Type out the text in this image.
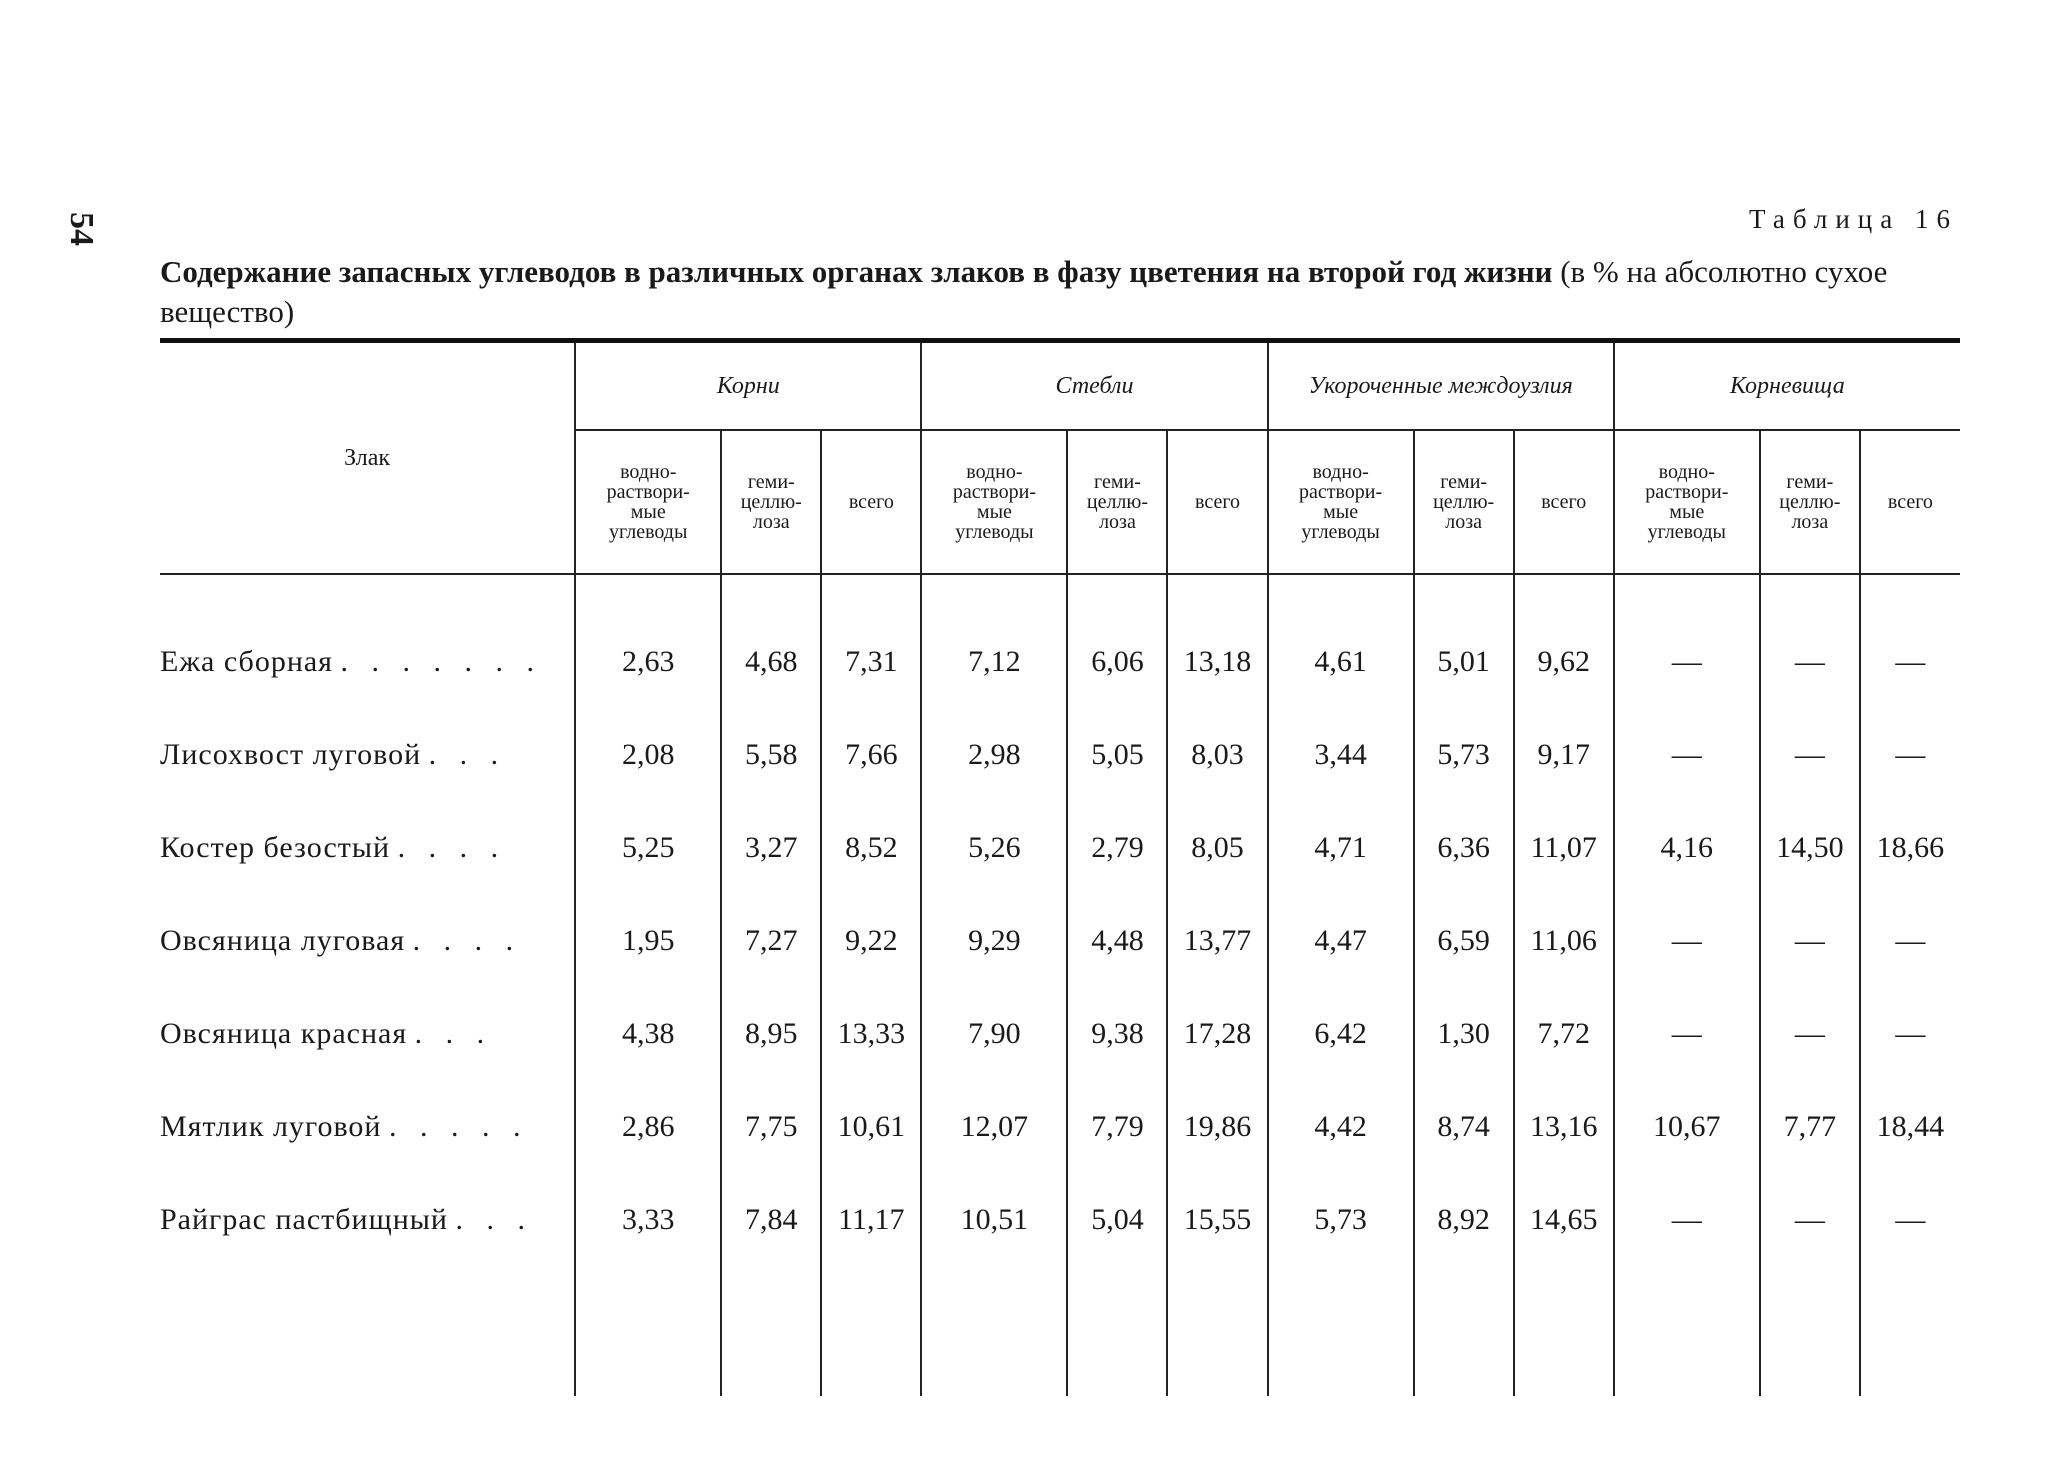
54	Таблица 16
Содержание запасных углеводов в различных органах злаков в фазу цветения на второй год жизни (в % на абсолютно сухое вещество)
Злак	Корни			Стебли			Укороченные междоузлия			Корневища		
	водно-
раствори-
мые
углеводы	геми-
целлю-
лоза	всего	водно-
раствори-
мые
углеводы	геми-
целлю-
лоза	всего	водно-
раствори-
мые
углеводы	геми-
целлю-
лоза	всего	водно-
раствори-
мые
углеводы	геми-
целлю-
лоза	всего
Ежа сборная . . . . . . .	2,63	4,68	7,31	7,12	6,06	13,18	4,61	5,01	9,62	—	—	—
Лисохвост луговой . . .	2,08	5,58	7,66	2,98	5,05	8,03	3,44	5,73	9,17	—	—	—
Костер безостый . . . .	5,25	3,27	8,52	5,26	2,79	8,05	4,71	6,36	11,07	4,16	14,50	18,66
Овсяница луговая . . . .	1,95	7,27	9,22	9,29	4,48	13,77	4,47	6,59	11,06	—	—	—
Овсяница красная . . .	4,38	8,95	13,33	7,90	9,38	17,28	6,42	1,30	7,72	—	—	—
Мятлик луговой . . . . .	2,86	7,75	10,61	12,07	7,79	19,86	4,42	8,74	13,16	10,67	7,77	18,44
Райграс пастбищный . . .	3,33	7,84	11,17	10,51	5,04	15,55	5,73	8,92	14,65	—	—	—
